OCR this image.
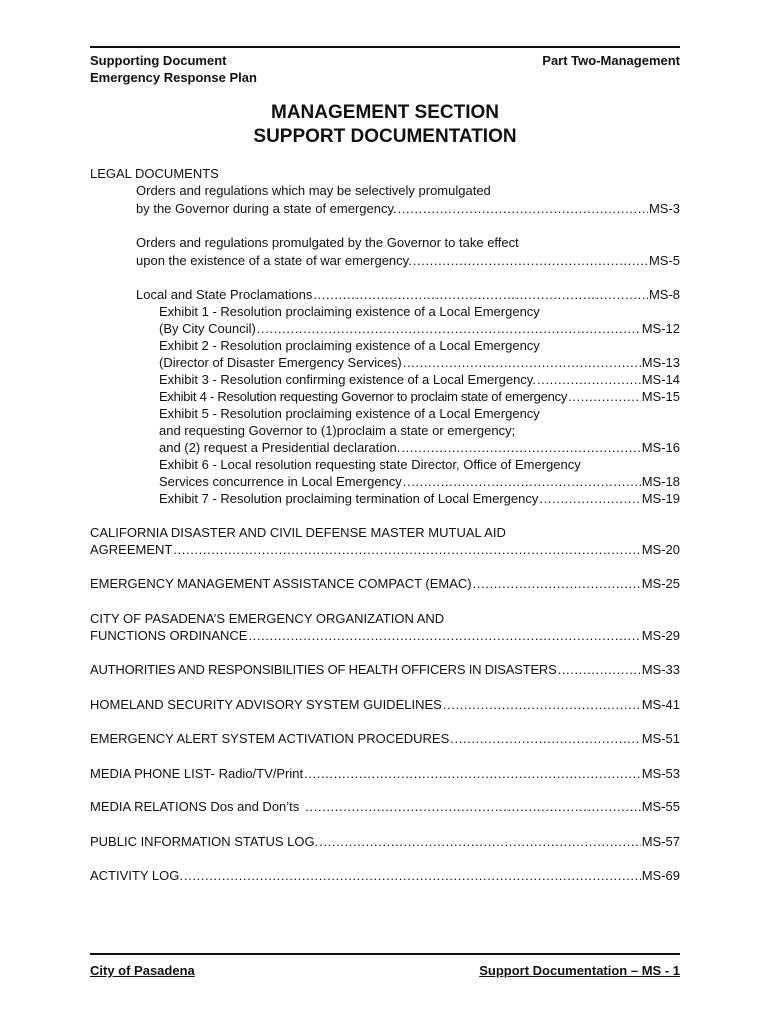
Supporting Document
Emergency Response Plan
Part Two-Management
MANAGEMENT SECTION
SUPPORT DOCUMENTATION
LEGAL DOCUMENTS
Orders and regulations which may be selectively promulgated
by the Governor during a state of emergency. .....	MS-3
Orders and regulations promulgated by the Governor to take effect
upon the existence of a state of war emergency. .....	MS-5
Local and State Proclamations .....	MS-8
Exhibit 1 - Resolution proclaiming existence of a Local Emergency
(By City Council) .....	MS-12
Exhibit 2 - Resolution proclaiming existence of a Local Emergency
(Director of Disaster Emergency Services) .....	MS-13
Exhibit 3 - Resolution confirming existence of a Local Emergency. .....	MS-14
Exhibit 4 - Resolution requesting Governor to proclaim state of emergency .....	MS-15
Exhibit 5 - Resolution proclaiming existence of a Local Emergency
and requesting Governor to (1)proclaim a state or emergency;
and (2) request a Presidential declaration. .....	MS-16
Exhibit 6 - Local resolution requesting state Director, Office of Emergency
Services concurrence in Local Emergency .....	MS-18
Exhibit 7 - Resolution proclaiming termination of Local Emergency .....	MS-19
CALIFORNIA DISASTER AND CIVIL DEFENSE MASTER MUTUAL AID
AGREEMENT .....	MS-20
EMERGENCY MANAGEMENT ASSISTANCE COMPACT (EMAC) .....	MS-25
CITY OF PASADENA’S EMERGENCY ORGANIZATION AND
FUNCTIONS ORDINANCE .....	MS-29
AUTHORITIES AND RESPONSIBILITIES OF HEALTH OFFICERS IN DISASTERS .....	MS-33
HOMELAND SECURITY ADVISORY SYSTEM GUIDELINES .....	MS-41
EMERGENCY ALERT SYSTEM ACTIVATION PROCEDURES .....	MS-51
MEDIA PHONE LIST- Radio/TV/Print .....	MS-53
MEDIA RELATIONS Dos and Don’ts .....	MS-55
PUBLIC INFORMATION STATUS LOG. .....	MS-57
ACTIVITY LOG. .....	MS-69
City of Pasadena	Support Documentation – MS - 1
